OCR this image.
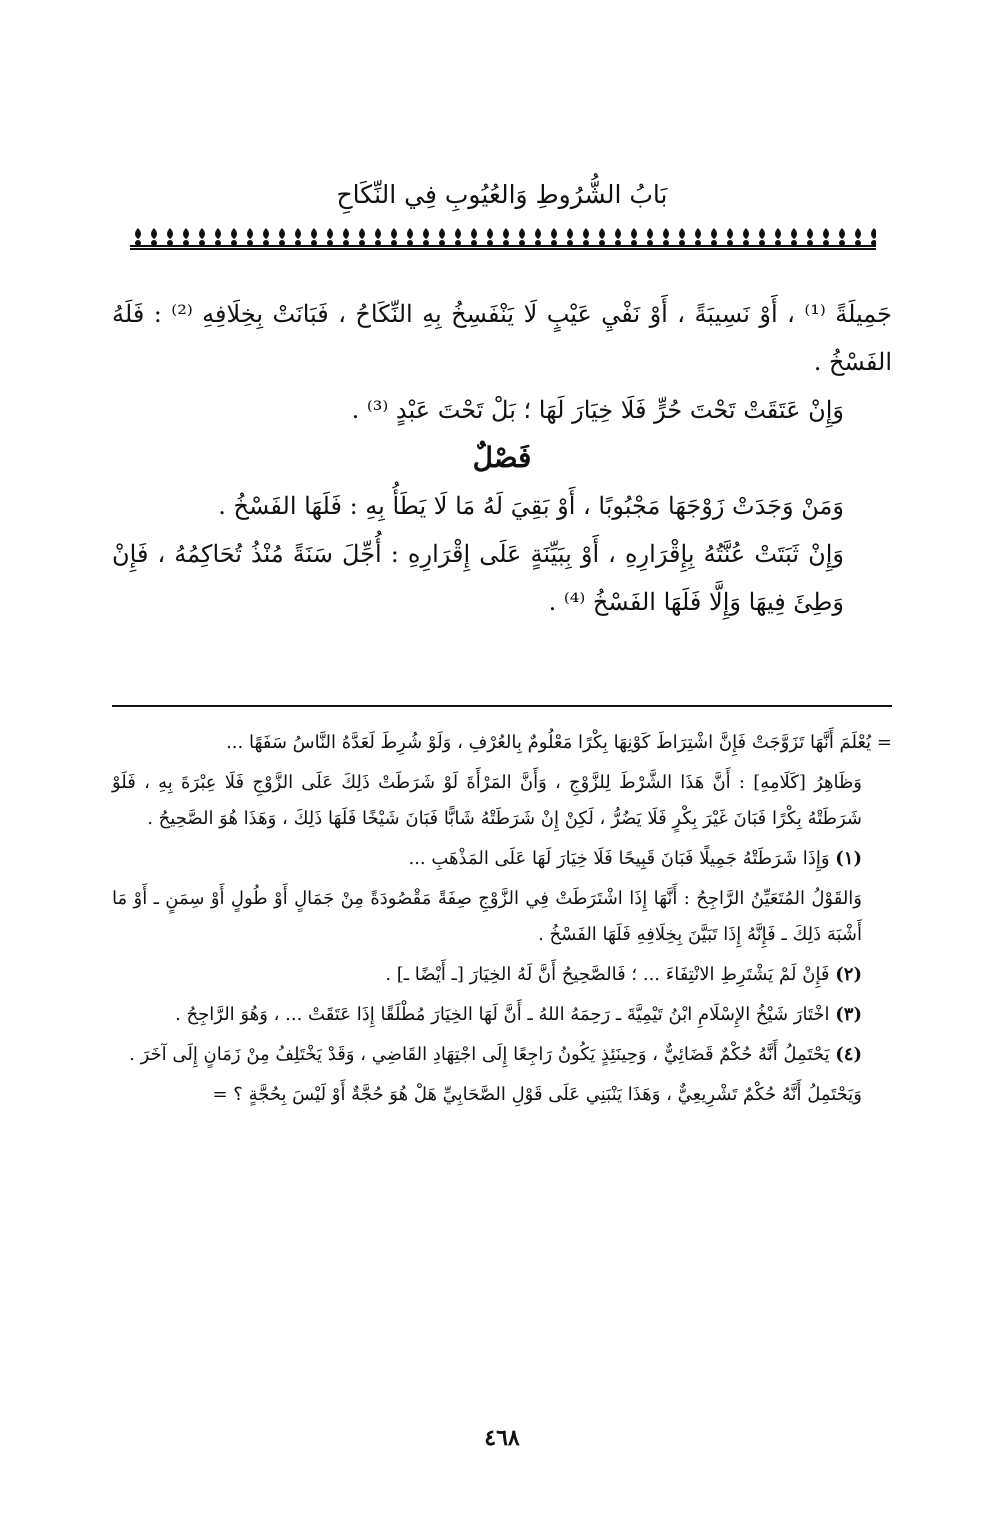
بَابُ الشُّرُوطِ وَالعُيُوبِ فِي النِّكَاحِ

جَمِيلَةً ⁽¹⁾ ، أَوْ نَسِيبَةً ، أَوْ نَفْيِ عَيْبٍ لَا يَنْفَسِخُ بِهِ النِّكَاحُ ، فَبَانَتْ بِخِلَافِهِ ⁽²⁾ : فَلَهُ الفَسْخُ .

وَإِنْ عَتَقَتْ تَحْتَ حُرٍّ فَلَا خِيَارَ لَهَا ؛ بَلْ تَحْتَ عَبْدٍ ⁽³⁾ .

فَصْلٌ

وَمَنْ وَجَدَتْ زَوْجَهَا مَجْبُوبًا ، أَوْ بَقِيَ لَهُ مَا لَا يَطَأُ بِهِ : فَلَهَا الفَسْخُ .

وَإِنْ ثَبَتَتْ عُنَّتُهُ بِإِقْرَارِهِ ، أَوْ بِبَيِّنَةٍ عَلَى إِقْرَارِهِ : أُجِّلَ سَنَةً مُنْذُ تُحَاكِمُهُ ، فَإِنْ وَطِئَ فِيهَا وَإِلَّا فَلَهَا الفَسْخُ ⁽⁴⁾ .

= يُعْلَمَ أَنَّهَا تَزَوَّجَتْ فَإِنَّ اشْتِرَاطَ كَوْنِهَا بِكْرًا مَعْلُومٌ بِالعُرْفِ ، وَلَوْ شُرِطَ لَعَدَّهُ النَّاسُ سَفَهًا ...

وَظَاهِرُ [كَلَامِهِ] : أَنَّ هَذَا الشَّرْطَ لِلزَّوْجِ ، وَأَنَّ المَرْأَةَ لَوْ شَرَطَتْ ذَلِكَ عَلَى الزَّوْجِ فَلَا عِبْرَةَ بِهِ ، فَلَوْ شَرَطَتْهُ بِكْرًا فَبَانَ غَيْرَ بِكْرٍ فَلَا يَضُرُّ ، لَكِنْ إِنْ شَرَطَتْهُ شَابًّا فَبَانَ شَيْخًا فَلَهَا ذَلِكَ ، وَهَذَا هُوَ الصَّحِيحُ .

(١) وَإِذَا شَرَطَتْهُ جَمِيلًا فَبَانَ قَبِيحًا فَلَا خِيَارَ لَهَا عَلَى المَذْهَبِ ...

وَالقَوْلُ المُتَعَيِّنُ الرَّاجِحُ : أَنَّهَا إِذَا اشْتَرَطَتْ فِي الزَّوْجِ صِفَةً مَقْصُودَةً مِنْ جَمَالٍ أَوْ طُولٍ أَوْ سِمَنٍ ـ أَوْ مَا أَشْبَهَ ذَلِكَ ـ فَإِنَّهُ إِذَا تَبَيَّنَ بِخِلَافِهِ فَلَهَا الفَسْخُ .

(٢) فَإِنْ لَمْ يَشْتَرِطِ الانْتِفَاءَ ... ؛ فَالصَّحِيحُ أَنَّ لَهُ الخِيَارَ [ـ أَيْضًا ـ] .

(٣) اخْتَارَ شَيْخُ الإِسْلَامِ ابْنُ تَيْمِيَّةَ ـ رَحِمَهُ اللهُ ـ أَنَّ لَهَا الخِيَارَ مُطْلَقًا إِذَا عَتَقَتْ ... ، وَهُوَ الرَّاجِحُ .

(٤) يَحْتَمِلُ أَنَّهُ حُكْمٌ قَضَائِيٌّ ، وَحِينَئِذٍ يَكُونُ رَاجِعًا إِلَى اجْتِهَادِ القَاضِي ، وَقَدْ يَخْتَلِفُ مِنْ زَمَانٍ إِلَى آخَرَ .

وَيَحْتَمِلُ أَنَّهُ حُكْمٌ تَشْرِيعِيٌّ ، وَهَذَا يَنْبَنِي عَلَى قَوْلِ الصَّحَابِيِّ هَلْ هُوَ حُجَّةٌ أَوْ لَيْسَ بِحُجَّةٍ ؟ =

٤٦٨
